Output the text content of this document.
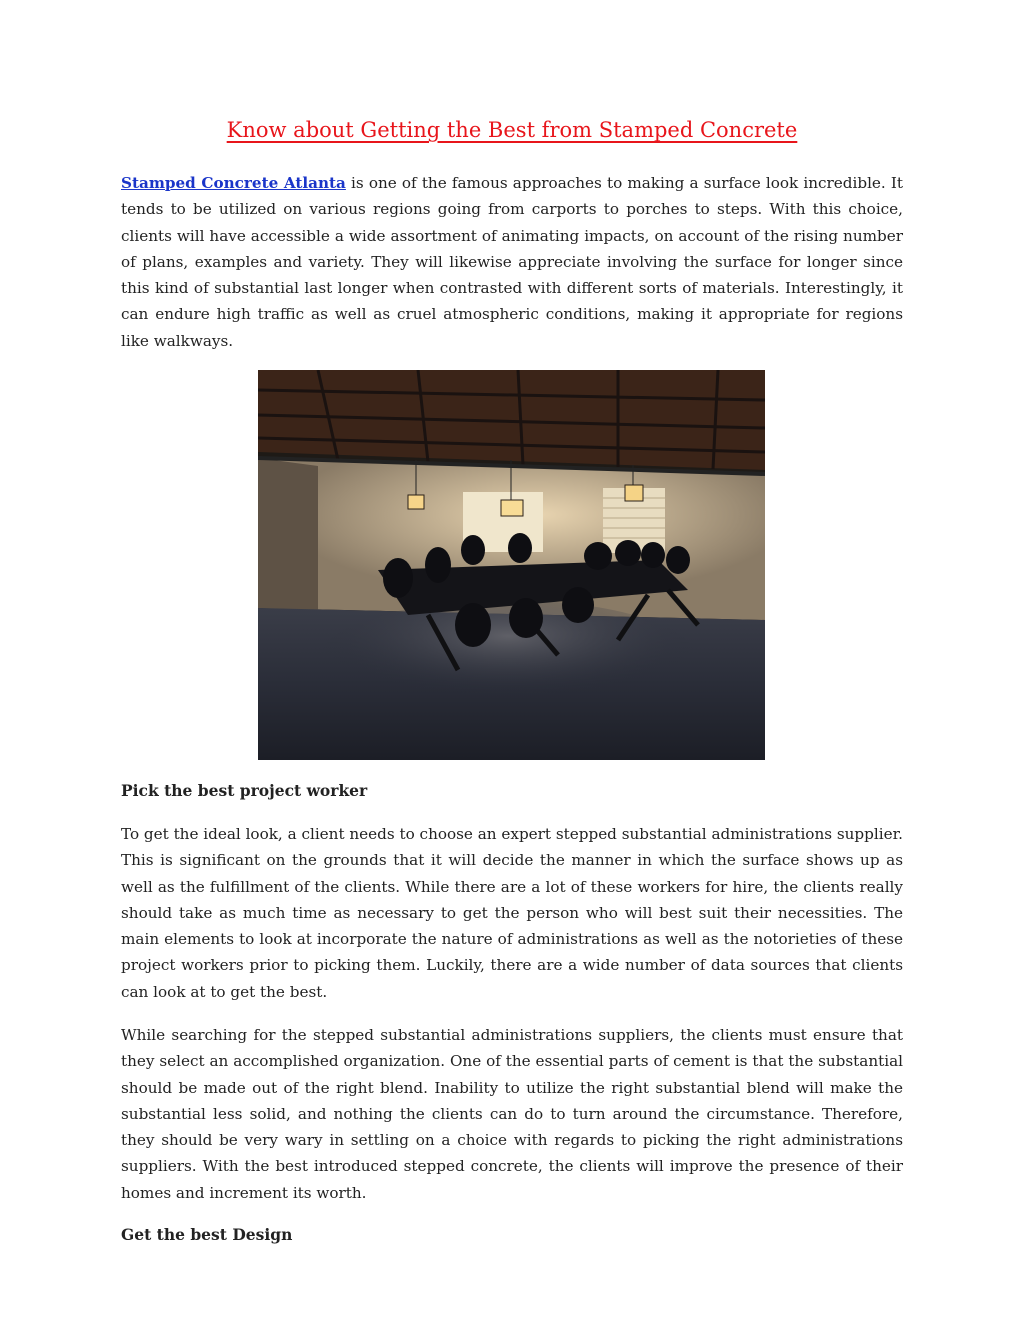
Know about Getting the Best from Stamped Concrete

Stamped Concrete Atlanta is one of the famous approaches to making a surface look incredible. It tends to be utilized on various regions going from carports to porches to steps. With this choice, clients will have accessible a wide assortment of animating impacts, on account of the rising number of plans, examples and variety. They will likewise appreciate involving the surface for longer since this kind of substantial last longer when contrasted with different sorts of materials. Interestingly, it can endure high traffic as well as cruel atmospheric conditions, making it appropriate for regions like walkways.

Pick the best project worker

To get the ideal look, a client needs to choose an expert stepped substantial administrations supplier. This is significant on the grounds that it will decide the manner in which the surface shows up as well as the fulfillment of the clients. While there are a lot of these workers for hire, the clients really should take as much time as necessary to get the person who will best suit their necessities. The main elements to look at incorporate the nature of administrations as well as the notorieties of these project workers prior to picking them. Luckily, there are a wide number of data sources that clients can look at to get the best.

While searching for the stepped substantial administrations suppliers, the clients must ensure that they select an accomplished organization. One of the essential parts of cement is that the substantial should be made out of the right blend. Inability to utilize the right substantial blend will make the substantial less solid, and nothing the clients can do to turn around the circumstance. Therefore, they should be very wary in settling on a choice with regards to picking the right administrations suppliers. With the best introduced stepped concrete, the clients will improve the presence of their homes and increment its worth.

Get the best Design
